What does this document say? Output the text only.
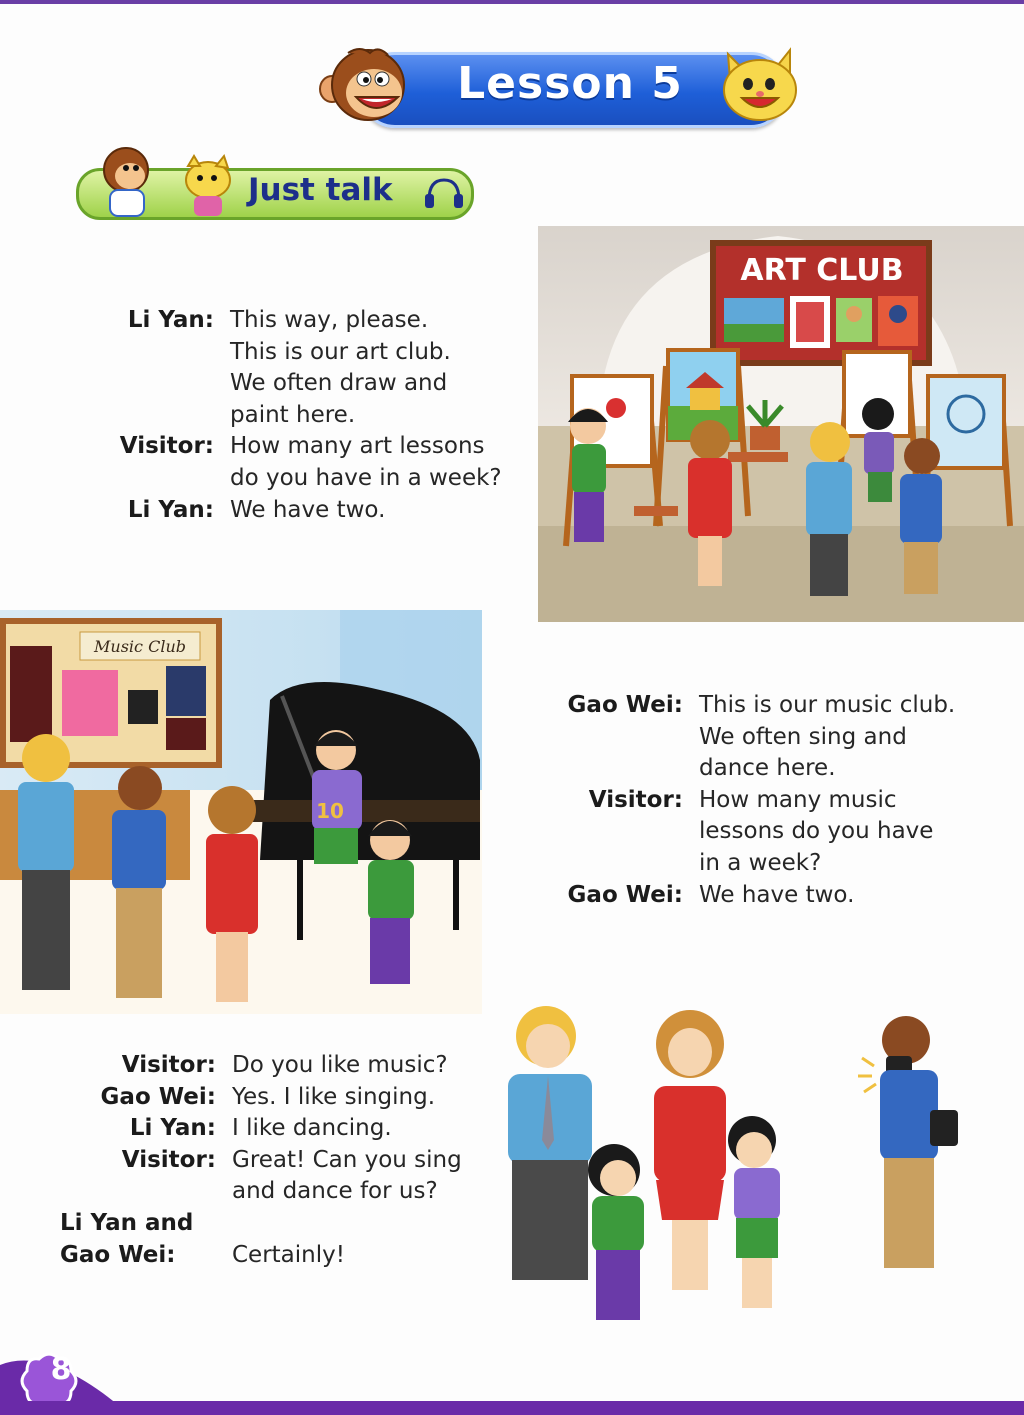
Lesson 5
Just talk
Li Yan: This way, please.
This is our art club.
We often draw and
paint here.
Visitor: How many art lessons
do you have in a week?
Li Yan: We have two.
ART CLUB
Music Club
10
Gao Wei: This is our music club.
We often sing and
dance here.
Visitor: How many music
lessons do you have
in a week?
Gao Wei: We have two.
Visitor: Do you like music?
Gao Wei: Yes. I like singing.
Li Yan: I like dancing.
Visitor: Great! Can you sing
and dance for us?
Li Yan and
Gao Wei:	Certainly!
8
